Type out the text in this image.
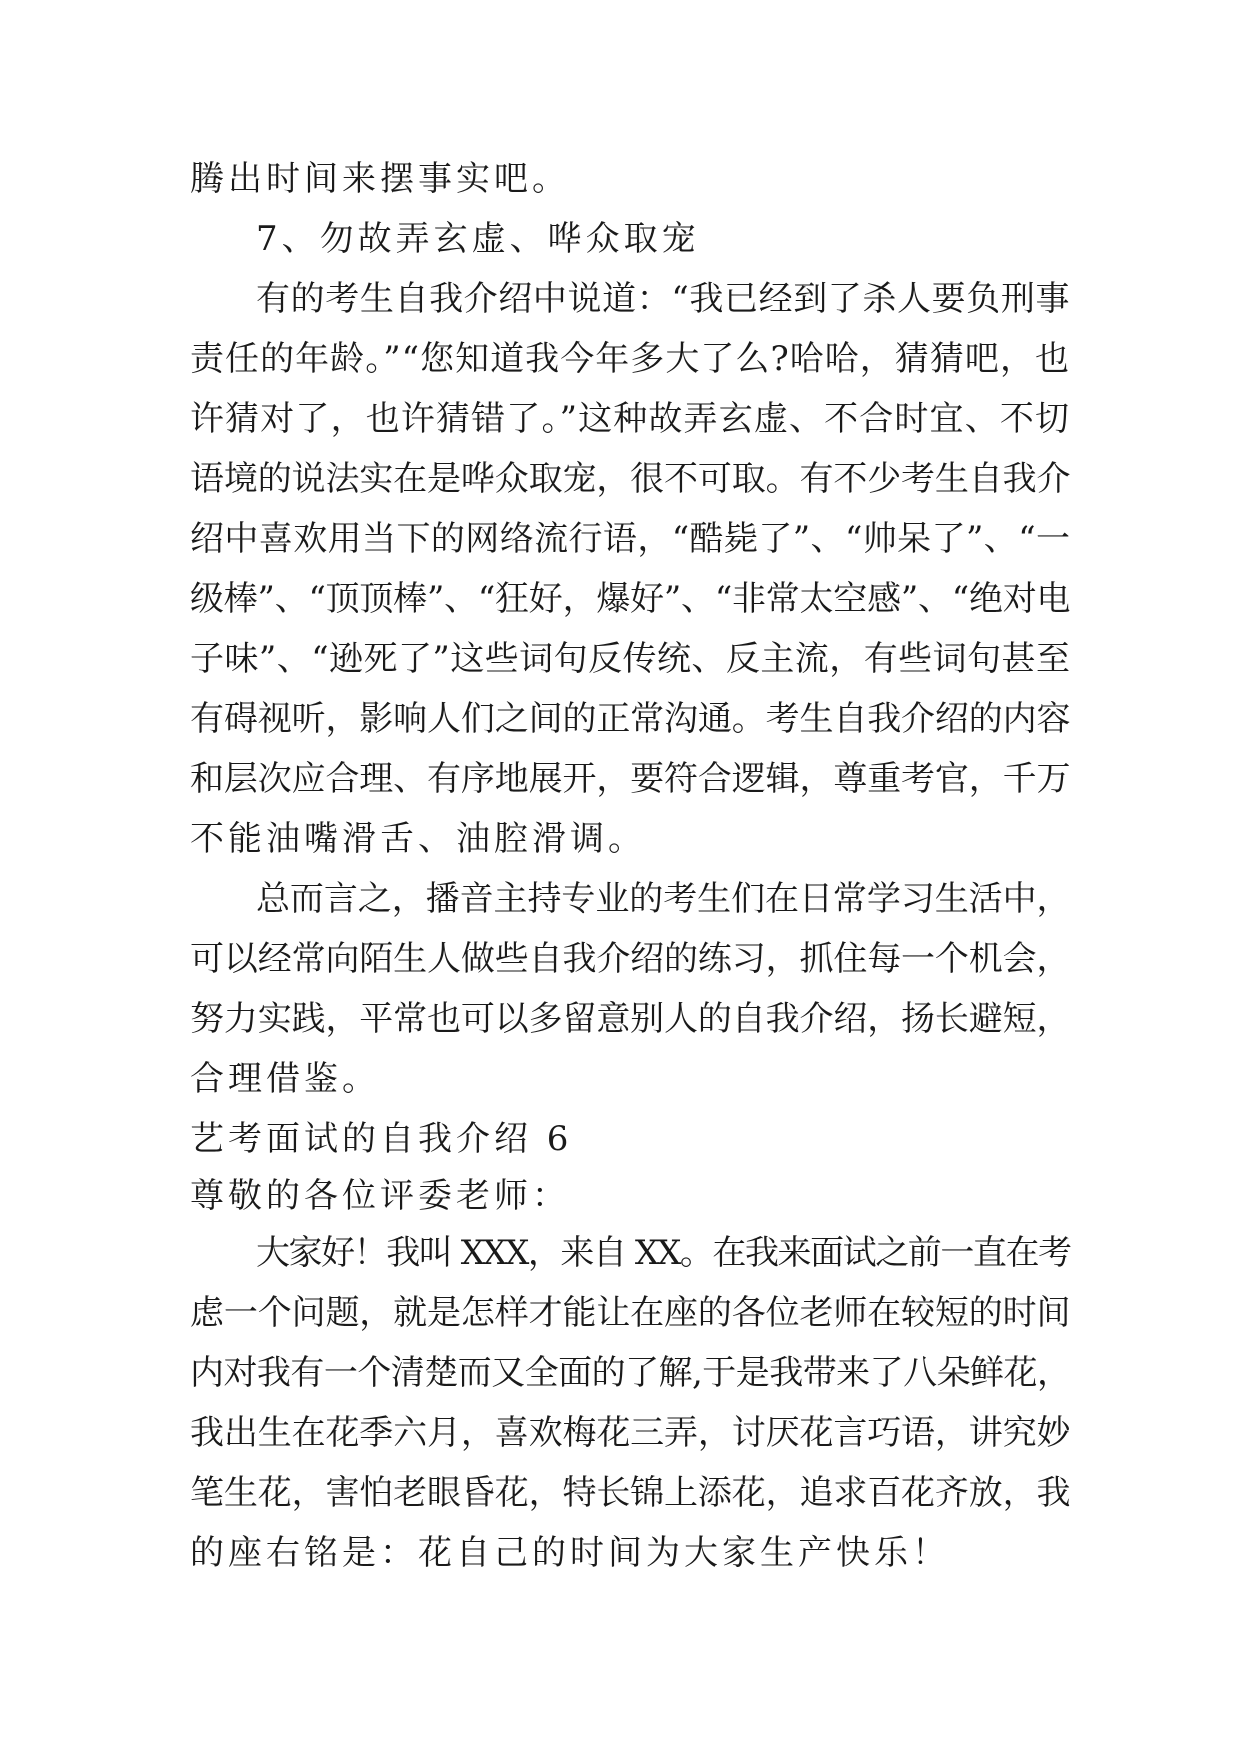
腾出时间来摆事实吧。
7、勿故弄玄虚、哗众取宠
有的考生自我介绍中说道：“我已经到了杀人要负刑事
责任的年龄。”“您知道我今年多大了么?哈哈，猜猜吧，也
许猜对了，也许猜错了。”这种故弄玄虚、不合时宜、不切
语境的说法实在是哗众取宠，很不可取。有不少考生自我介
绍中喜欢用当下的网络流行语，“酷毙了”、“帅呆了”、“一
级棒”、“顶顶棒”、“狂好，爆好”、“非常太空感”、“绝对电
子味”、“逊死了”这些词句反传统、反主流，有些词句甚至
有碍视听，影响人们之间的正常沟通。考生自我介绍的内容
和层次应合理、有序地展开，要符合逻辑，尊重考官，千万
不能油嘴滑舌、油腔滑调。
总而言之，播音主持专业的考生们在日常学习生活中，
可以经常向陌生人做些自我介绍的练习，抓住每一个机会，
努力实践，平常也可以多留意别人的自我介绍，扬长避短，
合理借鉴。
艺考面试的自我介绍 6
尊敬的各位评委老师：
大家好！我叫 XXX，来自 XX。在我来面试之前一直在考
虑一个问题，就是怎样才能让在座的各位老师在较短的时间
内对我有一个清楚而又全面的了解,于是我带来了八朵鲜花，
我出生在花季六月，喜欢梅花三弄，讨厌花言巧语，讲究妙
笔生花，害怕老眼昏花，特长锦上添花，追求百花齐放，我
的座右铭是：花自己的时间为大家生产快乐！
